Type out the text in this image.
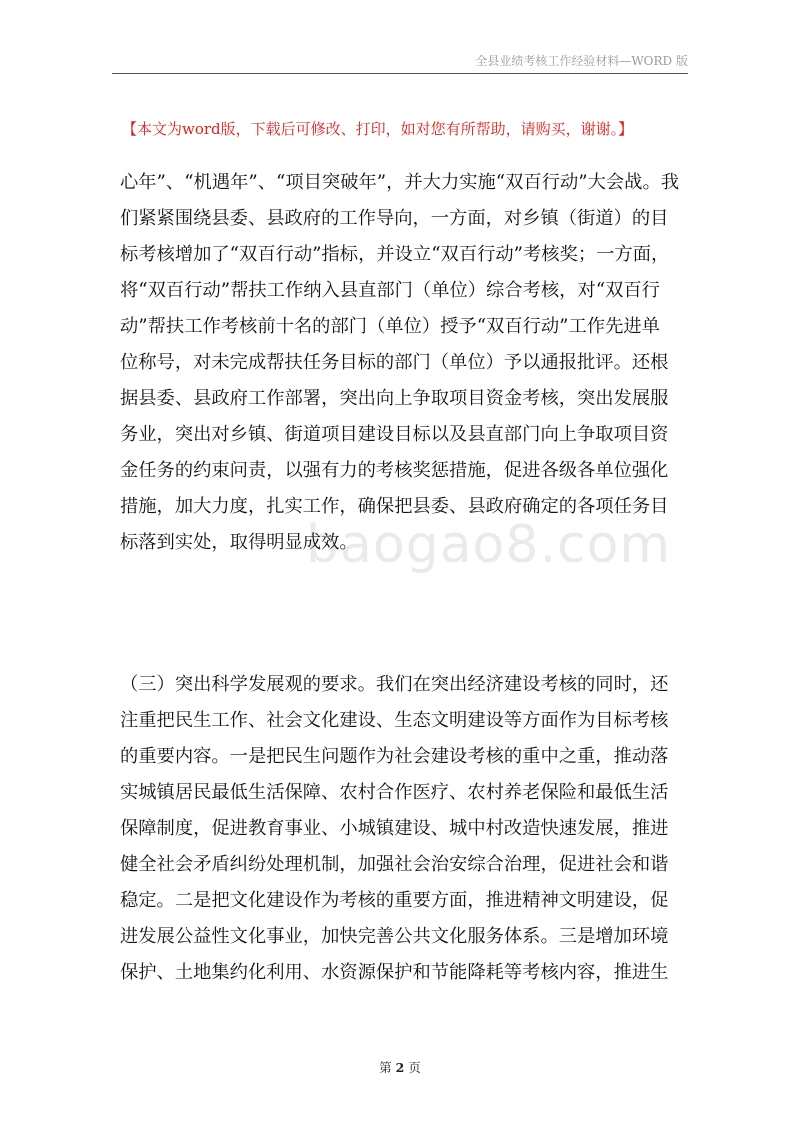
全县业绩考核工作经验材料—WORD 版
【本文为word版，下载后可修改、打印，如对您有所帮助，请购买，谢谢。】
baogao8.com
心年”、“机遇年”、“项目突破年”，并大力实施“双百行动”大会战。我
们紧紧围绕县委、县政府的工作导向，一方面，对乡镇（街道）的目
标考核增加了“双百行动”指标，并设立“双百行动”考核奖；一方面，
将“双百行动”帮扶工作纳入县直部门（单位）综合考核，对“双百行
动”帮扶工作考核前十名的部门（单位）授予“双百行动”工作先进单
位称号，对未完成帮扶任务目标的部门（单位）予以通报批评。还根
据县委、县政府工作部署，突出向上争取项目资金考核，突出发展服
务业，突出对乡镇、街道项目建设目标以及县直部门向上争取项目资
金任务的约束问责，以强有力的考核奖惩措施，促进各级各单位强化
措施，加大力度，扎实工作，确保把县委、县政府确定的各项任务目
标落到实处，取得明显成效。
（三）突出科学发展观的要求。我们在突出经济建设考核的同时，还
注重把民生工作、社会文化建设、生态文明建设等方面作为目标考核
的重要内容。一是把民生问题作为社会建设考核的重中之重，推动落
实城镇居民最低生活保障、农村合作医疗、农村养老保险和最低生活
保障制度，促进教育事业、小城镇建设、城中村改造快速发展，推进
健全社会矛盾纠纷处理机制，加强社会治安综合治理，促进社会和谐
稳定。二是把文化建设作为考核的重要方面，推进精神文明建设，促
进发展公益性文化事业，加快完善公共文化服务体系。三是增加环境
保护、土地集约化利用、水资源保护和节能降耗等考核内容，推进生
第 2 页
